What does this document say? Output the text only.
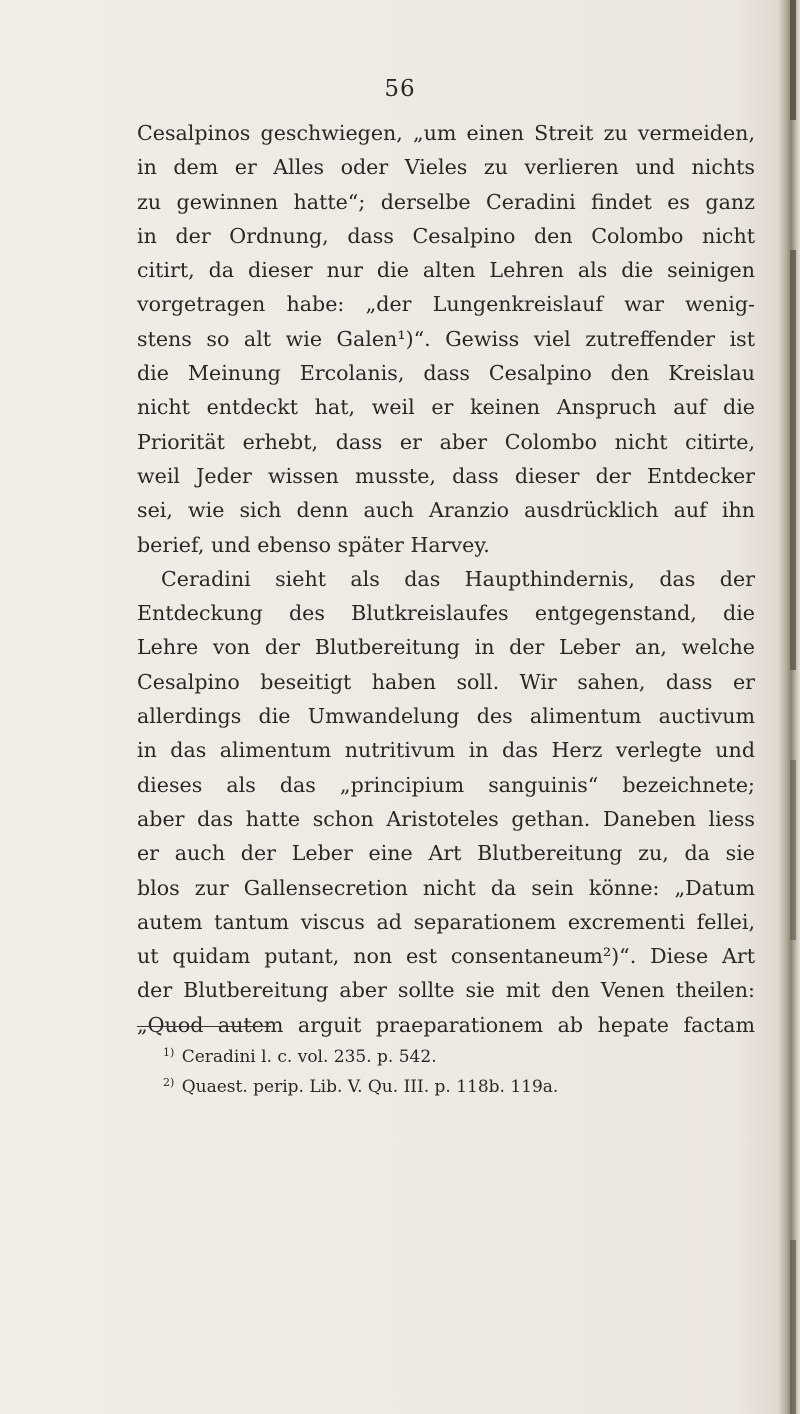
56

Cesalpinos geschwiegen, „um einen Streit zu vermeiden,

in dem er Alles oder Vieles zu verlieren und nichts

zu gewinnen hatte“; derselbe Ceradini findet es ganz

in der Ordnung, dass Cesalpino den Colombo nicht

citirt, da dieser nur die alten Lehren als die seinigen

vorgetragen habe: „der Lungenkreislauf war wenig-

stens so alt wie Galen¹)“. Gewiss viel zutreffender ist

die Meinung Ercolanis, dass Cesalpino den Kreislau

nicht entdeckt hat, weil er keinen Anspruch auf die

Priorität erhebt, dass er aber Colombo nicht citirte,

weil Jeder wissen musste, dass dieser der Entdecker

sei, wie sich denn auch Aranzio ausdrücklich auf ihn

berief, und ebenso später Harvey.

Ceradini sieht als das Haupthindernis, das der

Entdeckung des Blutkreislaufes entgegenstand, die

Lehre von der Blutbereitung in der Leber an, welche

Cesalpino beseitigt haben soll. Wir sahen, dass er

allerdings die Umwandelung des alimentum auctivum

in das alimentum nutritivum in das Herz verlegte und

dieses als das „principium sanguinis“ bezeichnete;

aber das hatte schon Aristoteles gethan. Daneben liess

er auch der Leber eine Art Blutbereitung zu, da sie

blos zur Gallensecretion nicht da sein könne: „Datum

autem tantum viscus ad separationem excrementi fellei,

ut quidam putant, non est consentaneum²)“. Diese Art

der Blutbereitung aber sollte sie mit den Venen theilen:

„Quod autem arguit praeparationem ab hepate factam

$^{1)}$ Ceradini l. c. vol. 235. p. 542.
$^{2)}$ Quaest. perip. Lib. V. Qu. III. p. 118b. 119a.
